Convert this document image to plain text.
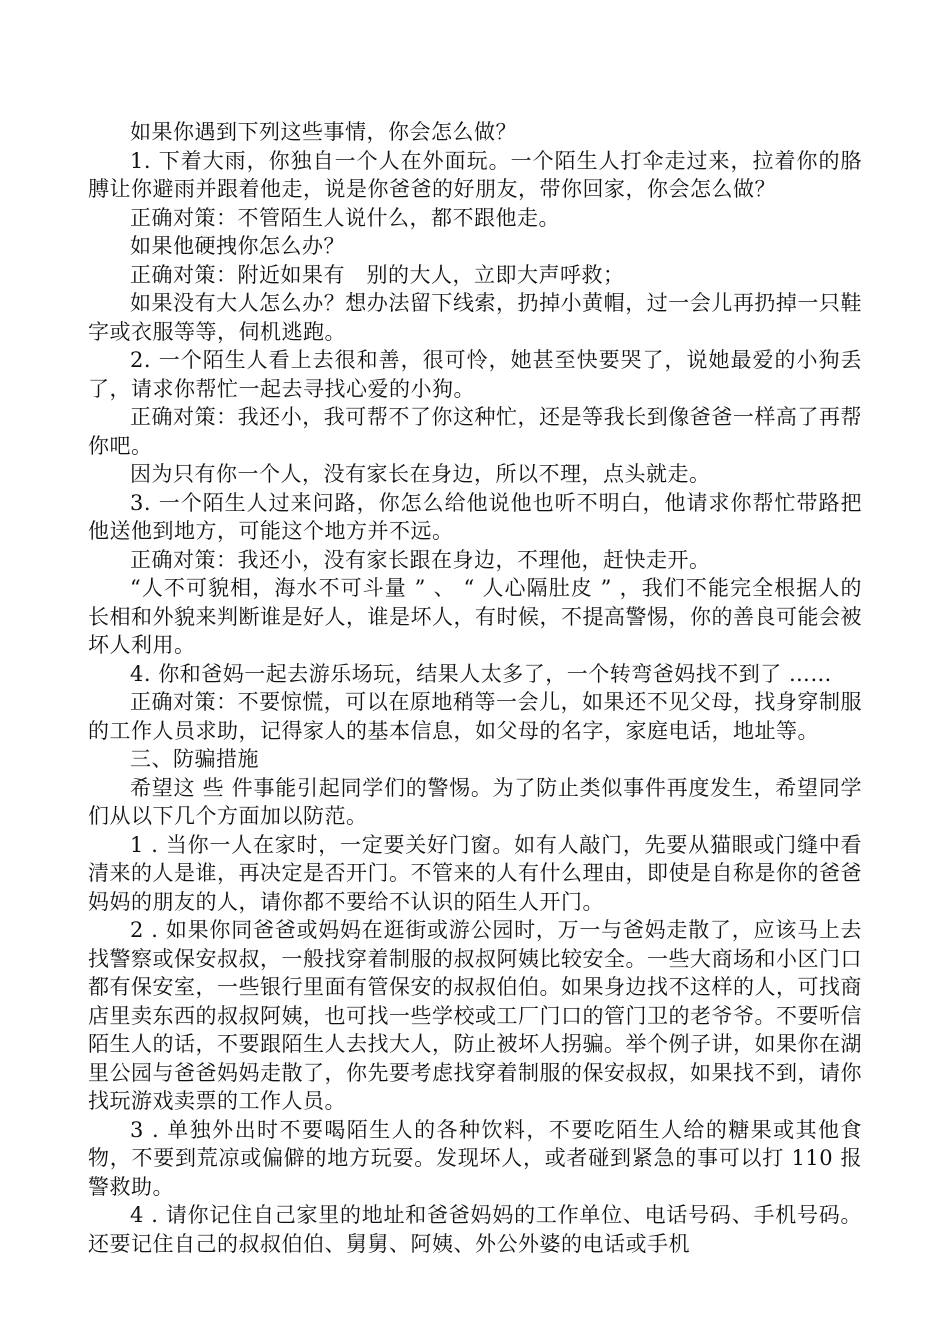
如果你遇到下列这些事情，你会怎么做？

1. 下着大雨，你独自一个人在外面玩。一个陌生人打伞走过来，拉着你的胳膊让你避雨并跟着他走，说是你爸爸的好朋友，带你回家，你会怎么做？

正确对策：不管陌生人说什么，都不跟他走。

如果他硬拽你怎么办？

正确对策：附近如果有　别的大人，立即大声呼救；

如果没有大人怎么办？想办法留下线索，扔掉小黄帽，过一会儿再扔掉一只鞋字或衣服等等，伺机逃跑。

2. 一个陌生人看上去很和善，很可怜，她甚至快要哭了，说她最爱的小狗丢了，请求你帮忙一起去寻找心爱的小狗。

正确对策：我还小，我可帮不了你这种忙，还是等我长到像爸爸一样高了再帮你吧。

因为只有你一个人，没有家长在身边，所以不理，点头就走。

3. 一个陌生人过来问路，你怎么给他说他也听不明白，他请求你帮忙带路把他送他到地方，可能这个地方并不远。

正确对策：我还小，没有家长跟在身边，不理他，赶快走开。

“人不可貌相，海水不可斗量 ” 、 “ 人心隔肚皮 ” ，我们不能完全根据人的长相和外貌来判断谁是好人，谁是坏人，有时候，不提高警惕，你的善良可能会被坏人利用。

4. 你和爸妈一起去游乐场玩，结果人太多了，一个转弯爸妈找不到了 ……

正确对策：不要惊慌，可以在原地稍等一会儿，如果还不见父母，找身穿制服的工作人员求助，记得家人的基本信息，如父母的名字，家庭电话，地址等。

三、防骗措施

希望这 些 件事能引起同学们的警惕。为了防止类似事件再度发生，希望同学们从以下几个方面加以防范。

1 . 当你一人在家时，一定要关好门窗。如有人敲门，先要从猫眼或门缝中看清来的人是谁，再决定是否开门。不管来的人有什么理由，即使是自称是你的爸爸妈妈的朋友的人，请你都不要给不认识的陌生人开门。

2 . 如果你同爸爸或妈妈在逛街或游公园时，万一与爸妈走散了，应该马上去找警察或保安叔叔，一般找穿着制服的叔叔阿姨比较安全。一些大商场和小区门口都有保安室，一些银行里面有管保安的叔叔伯伯。如果身边找不这样的人，可找商店里卖东西的叔叔阿姨，也可找一些学校或工厂门口的管门卫的老爷爷。不要听信陌生人的话，不要跟陌生人去找大人，防止被坏人拐骗。举个例子讲，如果你在湖里公园与爸爸妈妈走散了，你先要考虑找穿着制服的保安叔叔，如果找不到，请你找玩游戏卖票的工作人员。

3 . 单独外出时不要喝陌生人的各种饮料，不要吃陌生人给的糖果或其他食物，不要到荒凉或偏僻的地方玩耍。发现坏人，或者碰到紧急的事可以打 110 报警救助。

4 . 请你记住自己家里的地址和爸爸妈妈的工作单位、电话号码、手机号码。还要记住自己的叔叔伯伯、舅舅、阿姨、外公外婆的电话或手机
